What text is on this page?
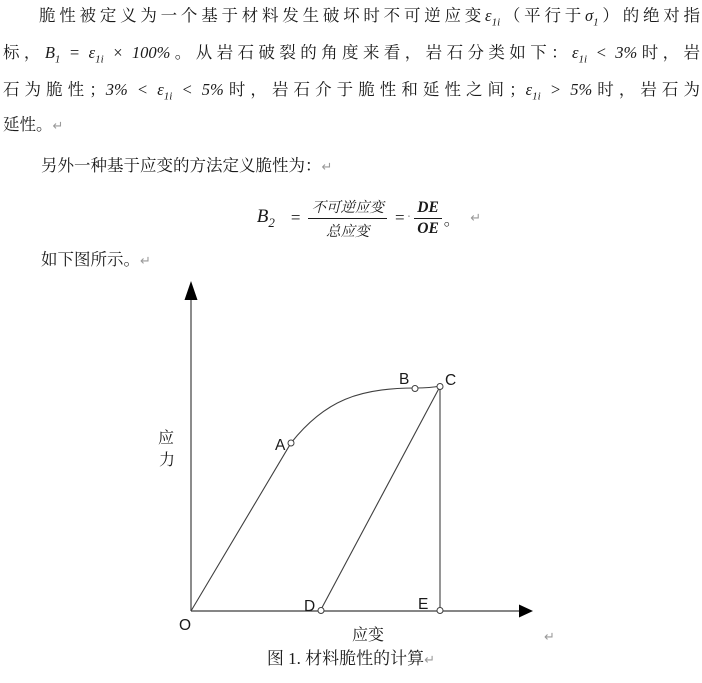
脆性被定义为一个基于材料发生破坏时不可逆应变$\varepsilon_{1i}$（平行于$\sigma_1$）的绝对指
标，$B_1 = \varepsilon_{1i} \times 100\%$。从岩石破裂的角度来看，岩石分类如下：$\varepsilon_{1i} < 3\%$时，岩
石为脆性；$3\% < \varepsilon_{1i} < 5\%$时，岩石介于脆性和延性之间；$\varepsilon_{1i} > 5\%$时，岩石为
延性。↵
另外一种基于应变的方法定义脆性为：↵
$B_2 = \frac{\text{不可逆应变}}{\text{总应变}}$ = · $\frac{DE}{OE}$ 。 ↵
如下图所示。↵
O
A
B C
D	E
应
力
应变	↵
图 1. 材料脆性的计算↵
